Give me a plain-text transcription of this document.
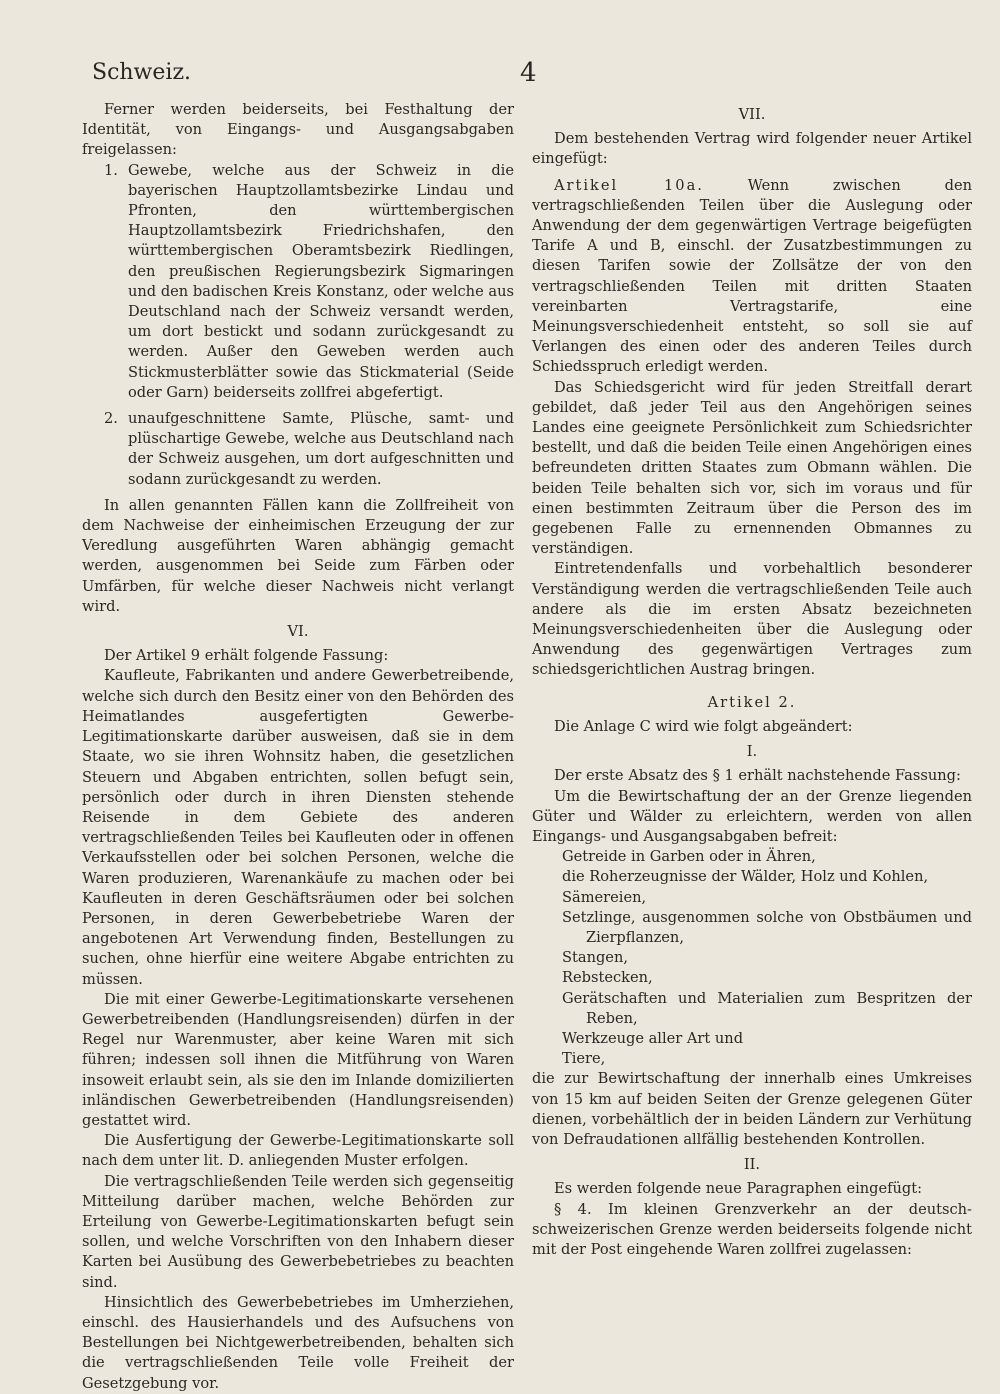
Schweiz.	4

Ferner werden beiderseits, bei Festhaltung der Identität, von Eingangs- und Ausgangsabgaben freigelassen:

1. Gewebe, welche aus der Schweiz in die bayerischen Hauptzollamtsbezirke Lindau und Pfronten, den württembergischen Hauptzollamtsbezirk Friedrichshafen, den württembergischen Oberamtsbezirk Riedlingen, den preußischen Regierungsbezirk Sigmaringen und den badischen Kreis Konstanz, oder welche aus Deutschland nach der Schweiz versandt werden, um dort bestickt und sodann zurückgesandt zu werden. Außer den Geweben werden auch Stickmusterblätter sowie das Stickmaterial (Seide oder Garn) beiderseits zollfrei abgefertigt.
2. unaufgeschnittene Samte, Plüsche, samt- und plüschartige Gewebe, welche aus Deutschland nach der Schweiz ausgehen, um dort aufgeschnitten und sodann zurückgesandt zu werden.

In allen genannten Fällen kann die Zollfreiheit von dem Nachweise der einheimischen Erzeugung der zur Veredlung ausgeführten Waren abhängig gemacht werden, ausgenommen bei Seide zum Färben oder Umfärben, für welche dieser Nachweis nicht verlangt wird.

VI.

Der Artikel 9 erhält folgende Fassung:

Kaufleute, Fabrikanten und andere Gewerbetreibende, welche sich durch den Besitz einer von den Behörden des Heimatlandes ausgefertigten Gewerbe-Legitimationskarte darüber ausweisen, daß sie in dem Staate, wo sie ihren Wohnsitz haben, die gesetzlichen Steuern und Abgaben entrichten, sollen befugt sein, persönlich oder durch in ihren Diensten stehende Reisende in dem Gebiete des anderen vertragschließenden Teiles bei Kaufleuten oder in offenen Verkaufsstellen oder bei solchen Personen, welche die Waren produzieren, Warenankäufe zu machen oder bei Kaufleuten in deren Geschäftsräumen oder bei solchen Personen, in deren Gewerbebetriebe Waren der angebotenen Art Verwendung finden, Bestellungen zu suchen, ohne hierfür eine weitere Abgabe entrichten zu müssen.

Die mit einer Gewerbe-Legitimationskarte versehenen Gewerbetreibenden (Handlungsreisenden) dürfen in der Regel nur Warenmuster, aber keine Waren mit sich führen; indessen soll ihnen die Mitführung von Waren insoweit erlaubt sein, als sie den im Inlande domizilierten inländischen Gewerbetreibenden (Handlungsreisenden) gestattet wird.

Die Ausfertigung der Gewerbe-Legitimationskarte soll nach dem unter lit. D. anliegenden Muster erfolgen.

Die vertragschließenden Teile werden sich gegenseitig Mitteilung darüber machen, welche Behörden zur Erteilung von Gewerbe-Legitimationskarten befugt sein sollen, und welche Vorschriften von den Inhabern dieser Karten bei Ausübung des Gewerbebetriebes zu beachten sind.

Hinsichtlich des Gewerbebetriebes im Umherziehen, einschl. des Hausierhandels und des Aufsuchens von Bestellungen bei Nichtgewerbetreibenden, behalten sich die vertragschließenden Teile volle Freiheit der Gesetzgebung vor.

VII.

Dem bestehenden Vertrag wird folgender neuer Artikel eingefügt:

Artikel 10a.	Wenn zwischen den vertragschließenden Teilen über die Auslegung oder Anwendung der dem gegenwärtigen Vertrage beigefügten Tarife A und B, einschl. der Zusatzbestimmungen zu diesen Tarifen sowie der Zollsätze der von den vertragschließenden Teilen mit dritten Staaten vereinbarten Vertragstarife, eine Meinungsverschiedenheit entsteht, so soll sie auf Verlangen des einen oder des anderen Teiles durch Schiedsspruch erledigt werden.

Das Schiedsgericht wird für jeden Streitfall derart gebildet, daß jeder Teil aus den Angehörigen seines Landes eine geeignete Persönlichkeit zum Schiedsrichter bestellt, und daß die beiden Teile einen Angehörigen eines befreundeten dritten Staates zum Obmann wählen. Die beiden Teile behalten sich vor, sich im voraus und für einen bestimmten Zeitraum über die Person des im gegebenen Falle zu ernennenden Obmannes zu verständigen.

Eintretendenfalls und vorbehaltlich besonderer Verständigung werden die vertragschließenden Teile auch andere als die im ersten Absatz bezeichneten Meinungsverschiedenheiten über die Auslegung oder Anwendung des gegenwärtigen Vertrages zum schiedsgerichtlichen Austrag bringen.

Artikel 2.

Die Anlage C wird wie folgt abgeändert:

I.

Der erste Absatz des § 1 erhält nachstehende Fassung:

Um die Bewirtschaftung der an der Grenze liegenden Güter und Wälder zu erleichtern, werden von allen Eingangs- und Ausgangsabgaben befreit:

Getreide in Garben oder in Ähren,
die Roherzeugnisse der Wälder, Holz und Kohlen,
Sämereien,
Setzlinge, ausgenommen solche von Obstbäumen und Zierpflanzen,
Stangen,
Rebstecken,
Gerätschaften und Materialien zum Bespritzen der Reben,
Werkzeuge aller Art und
Tiere,

die zur Bewirtschaftung der innerhalb eines Umkreises von 15 km auf beiden Seiten der Grenze gelegenen Güter dienen, vorbehältlich der in beiden Ländern zur Verhütung von Defraudationen allfällig bestehenden Kontrollen.

II.

Es werden folgende neue Paragraphen eingefügt:

§ 4. Im kleinen Grenzverkehr an der deutsch-schweizerischen Grenze werden beiderseits folgende nicht mit der Post eingehende Waren zollfrei zugelassen:
